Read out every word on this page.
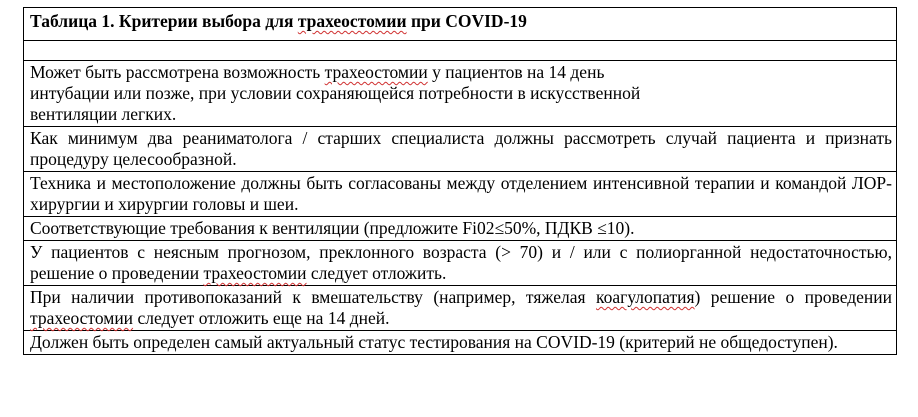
Таблица 1. Критерии выбора для трахеостомии при COVID-19

Может быть рассмотрена возможность трахеостомии у пациентов на 14 день
интубации или позже, при условии сохраняющейся потребности в искусственной
вентиляции легких.
Как минимум два реаниматолога / старших специалиста должны рассмотреть случай пациента и признать процедуру целесообразной.
Техника и местоположение должны быть согласованы между отделением интенсивной терапии и командой ЛОР-хирургии и хирургии головы и шеи.
Соответствующие требования к вентиляции (предложите Fi02≤50%, ПДКВ ≤10).
У пациентов с неясным прогнозом, преклонного возраста (> 70) и / или с полиорганной недостаточностью, решение о проведении трахеостомии следует отложить.
При наличии противопоказаний к вмешательству (например, тяжелая коагулопатия) решение о проведении трахеостомии следует отложить еще на 14 дней.
Должен быть определен самый актуальный статус тестирования на COVID-19 (критерий не общедоступен).
